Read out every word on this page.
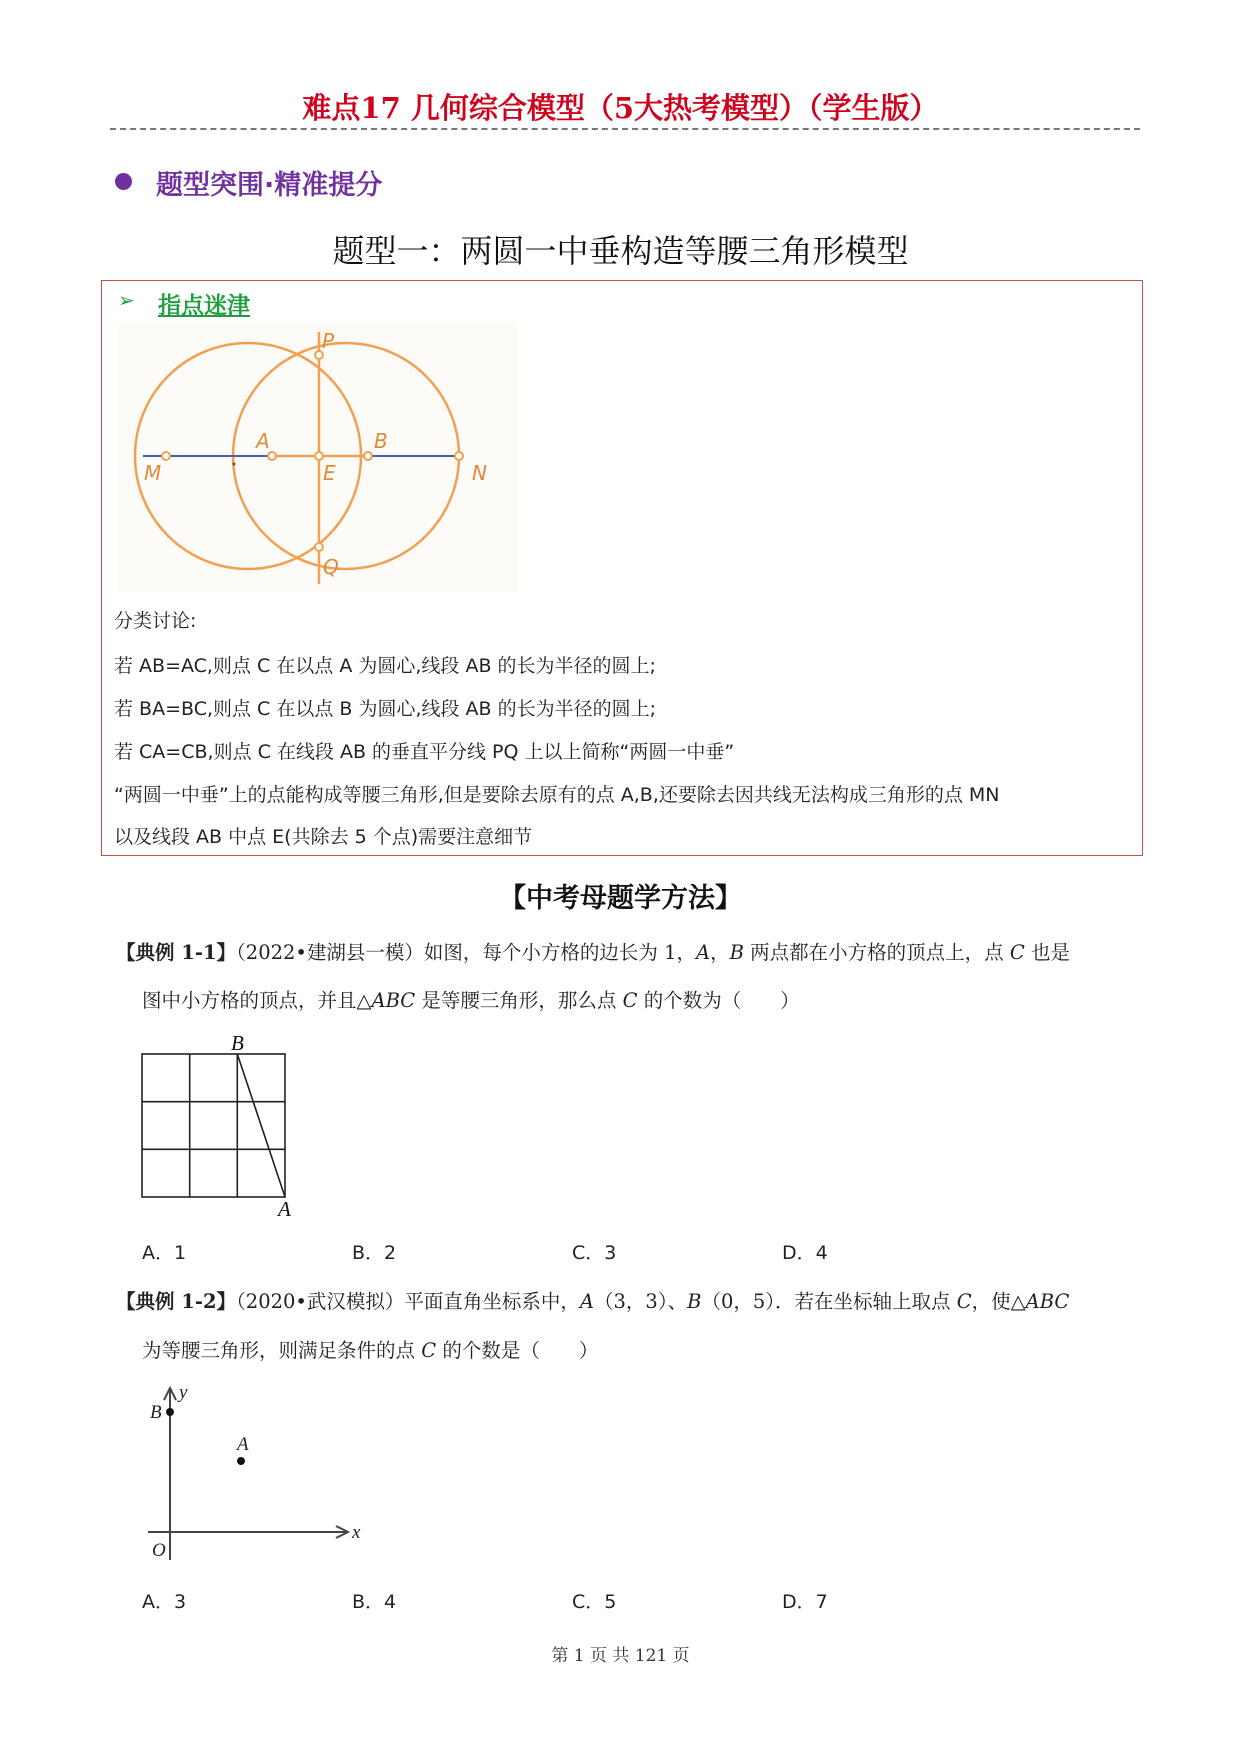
难点17 几何综合模型（5大热考模型）（学生版）
题型突围·精准提分
题型一：两圆一中垂构造等腰三角形模型
➢ 指点迷津
P
A	B
M	E	N
Q
分类讨论:
若 AB=AC,则点 C 在以点 A 为圆心,线段 AB 的长为半径的圆上;
若 BA=BC,则点 C 在以点 B 为圆心,线段 AB 的长为半径的圆上;
若 CA=CB,则点 C 在线段 AB 的垂直平分线 PQ 上以上简称“两圆一中垂”
“两圆一中垂”上的点能构成等腰三角形,但是要除去原有的点 A,B,还要除去因共线无法构成三角形的点 MN
以及线段 AB 中点 E(共除去 5 个点)需要注意细节
【中考母题学方法】
【典例 1-1】（2022•建湖县一模）如图，每个小方格的边长为 1，A，B 两点都在小方格的顶点上，点 C 也是
图中小方格的顶点，并且△ABC 是等腰三角形，那么点 C 的个数为（　　）
B
A
A．1	B．2	C．3	D．4
【典例 1-2】（2020•武汉模拟）平面直角坐标系中，A（3，3）、B（0，5）．若在坐标轴上取点 C，使△ABC
为等腰三角形，则满足条件的点 C 的个数是（　　）
y
x
O
B
A
A．3	B．4	C．5	D．7
第 1 页 共 121 页
